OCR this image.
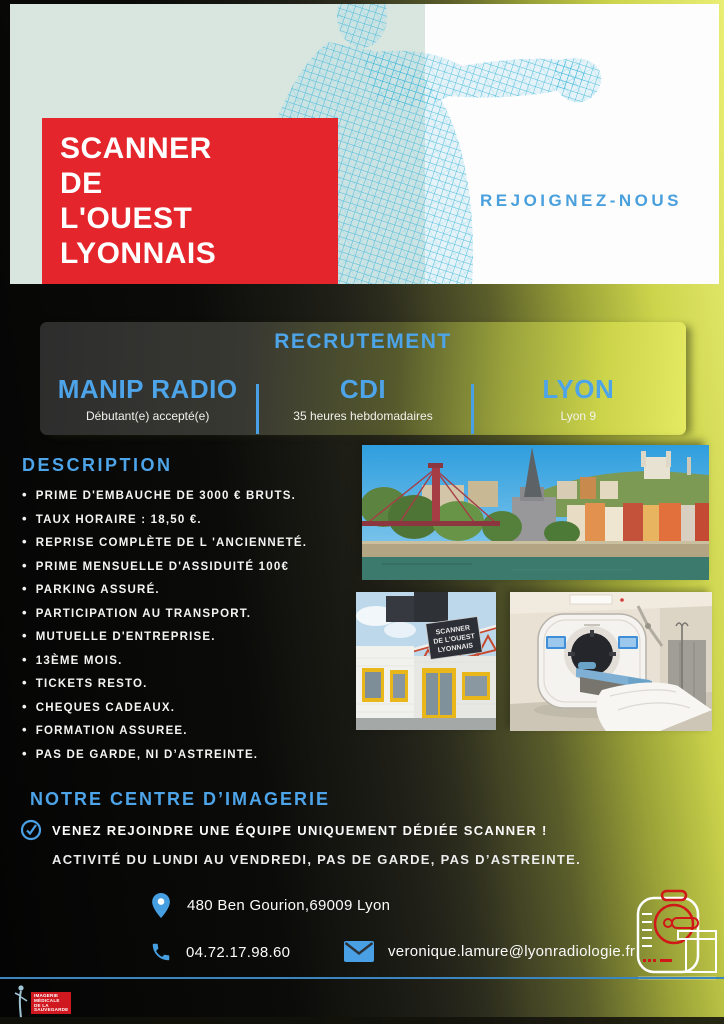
SCANNER
DE
L'OUEST
LYONNAIS
REJOIGNEZ-NOUS
RECRUTEMENT
MANIP RADIO
Débutant(e) accepté(e)
CDI
35 heures hebdomadaires
LYON
Lyon 9
DESCRIPTION
• PRIME D'EMBAUCHE DE 3000 € BRUTS.
• TAUX HORAIRE : 18,50 €.
• REPRISE COMPLÈTE DE L 'ANCIENNETÉ.
• PRIME MENSUELLE D'ASSIDUITÉ 100€
• PARKING ASSURÉ.
• PARTICIPATION AU TRANSPORT.
• MUTUELLE D'ENTREPRISE.
• 13ÈME MOIS.
• TICKETS RESTO.
• CHEQUES CADEAUX.
• FORMATION ASSUREE.
• PAS DE GARDE, NI D’ASTREINTE.
SCANNER
DE L'OUEST
LYONNAIS
NOTRE CENTRE D’IMAGERIE
VENEZ REJOINDRE UNE ÉQUIPE UNIQUEMENT DÉDIÉE SCANNER !
ACTIVITÉ DU LUNDI AU VENDREDI, PAS DE GARDE, PAS D’ASTREINTE.
480 Ben Gourion,69009 Lyon
04.72.17.98.60	veronique.lamure@lyonradiologie.fr
IMAGERIE
MÉDICALE
DE LA
SAUVEGARDE
